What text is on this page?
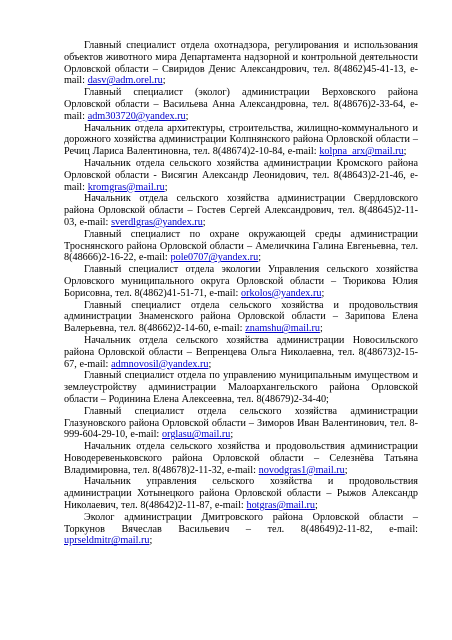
Главный специалист отдела охотнадзора, регулирования и использования объектов животного мира Департамента надзорной и контрольной деятельности Орловской области – Свиридов Денис Александрович, тел. 8(4862)45-41-13, e-mail: dasv@adm.orel.ru;

Главный специалист (эколог) администрации Верховского района Орловской области – Васильева Анна Александровна, тел. 8(48676)2-33-64, e-mail: adm303720@yandex.ru;

Начальник отдела архитектуры, строительства, жилищно-коммунального и дорожного хозяйства администрации Колпнянского района Орловской области – Речиц Лариса Валентиновна, тел. 8(48674)2-10-84, e-mail: kolpna_arx@mail.ru;

Начальник отдела сельского хозяйства администрации Кромского района Орловской области - Висягин Александр Леонидович, тел. 8(48643)2-21-46, e-mail: kromgras@mail.ru;

Начальник отдела сельского хозяйства администрации Свердловского района Орловской области – Гостев Сергей Александрович, тел. 8(48645)2-11-03, e-mail: sverdlgras@yandex.ru;

Главный специалист по охране окружающей среды администрации Троснянского района Орловской области – Амеличкина Галина Евгеньевна, тел. 8(48666)2-16-22, e-mail: pole0707@yandex.ru;

Главный специалист отдела экологии Управления сельского хозяйства Орловского муниципального округа Орловской области – Тюрикова Юлия Борисовна, тел. 8(4862)41-51-71, e-mail: orkolos@yandex.ru;

Главный специалист отдела сельского хозяйства и продовольствия администрации Знаменского района Орловской области – Зарипова Елена Валерьевна, тел. 8(48662)2-14-60, e-mail: znamshu@mail.ru;

Начальник отдела сельского хозяйства администрации Новосильского района Орловской области – Вепренцева Ольга Николаевна, тел. 8(48673)2-15-67, e-mail: admnovosil@yandex.ru;

Главный специалист отдела по управлению муниципальным имуществом и землеустройству администрации Малоархангельского района Орловской области – Родинина Елена Алексеевна, тел. 8(48679)2-34-40;

Главный специалист отдела сельского хозяйства администрации Глазуновского района Орловской области – Зиморов Иван Валентинович, тел. 8-999-604-29-10, e-mail: orglasu@mail.ru;

Начальник отдела сельского хозяйства и продовольствия администрации Новодеревеньковского района Орловской области – Селезнёва Татьяна Владимировна, тел. 8(48678)2-11-32, e-mail: novodgras1@mail.ru;

Начальник управления сельского хозяйства и продовольствия администрации Хотынецкого района Орловской области – Рыжов Александр Николаевич, тел. 8(48642)2-11-87, e-mail: hotgras@mail.ru;

Эколог администрации Дмитровского района Орловской области – Торкунов Вячеслав Васильевич – тел. 8(48649)2-11-82, e-mail: uprseldmitr@mail.ru;
